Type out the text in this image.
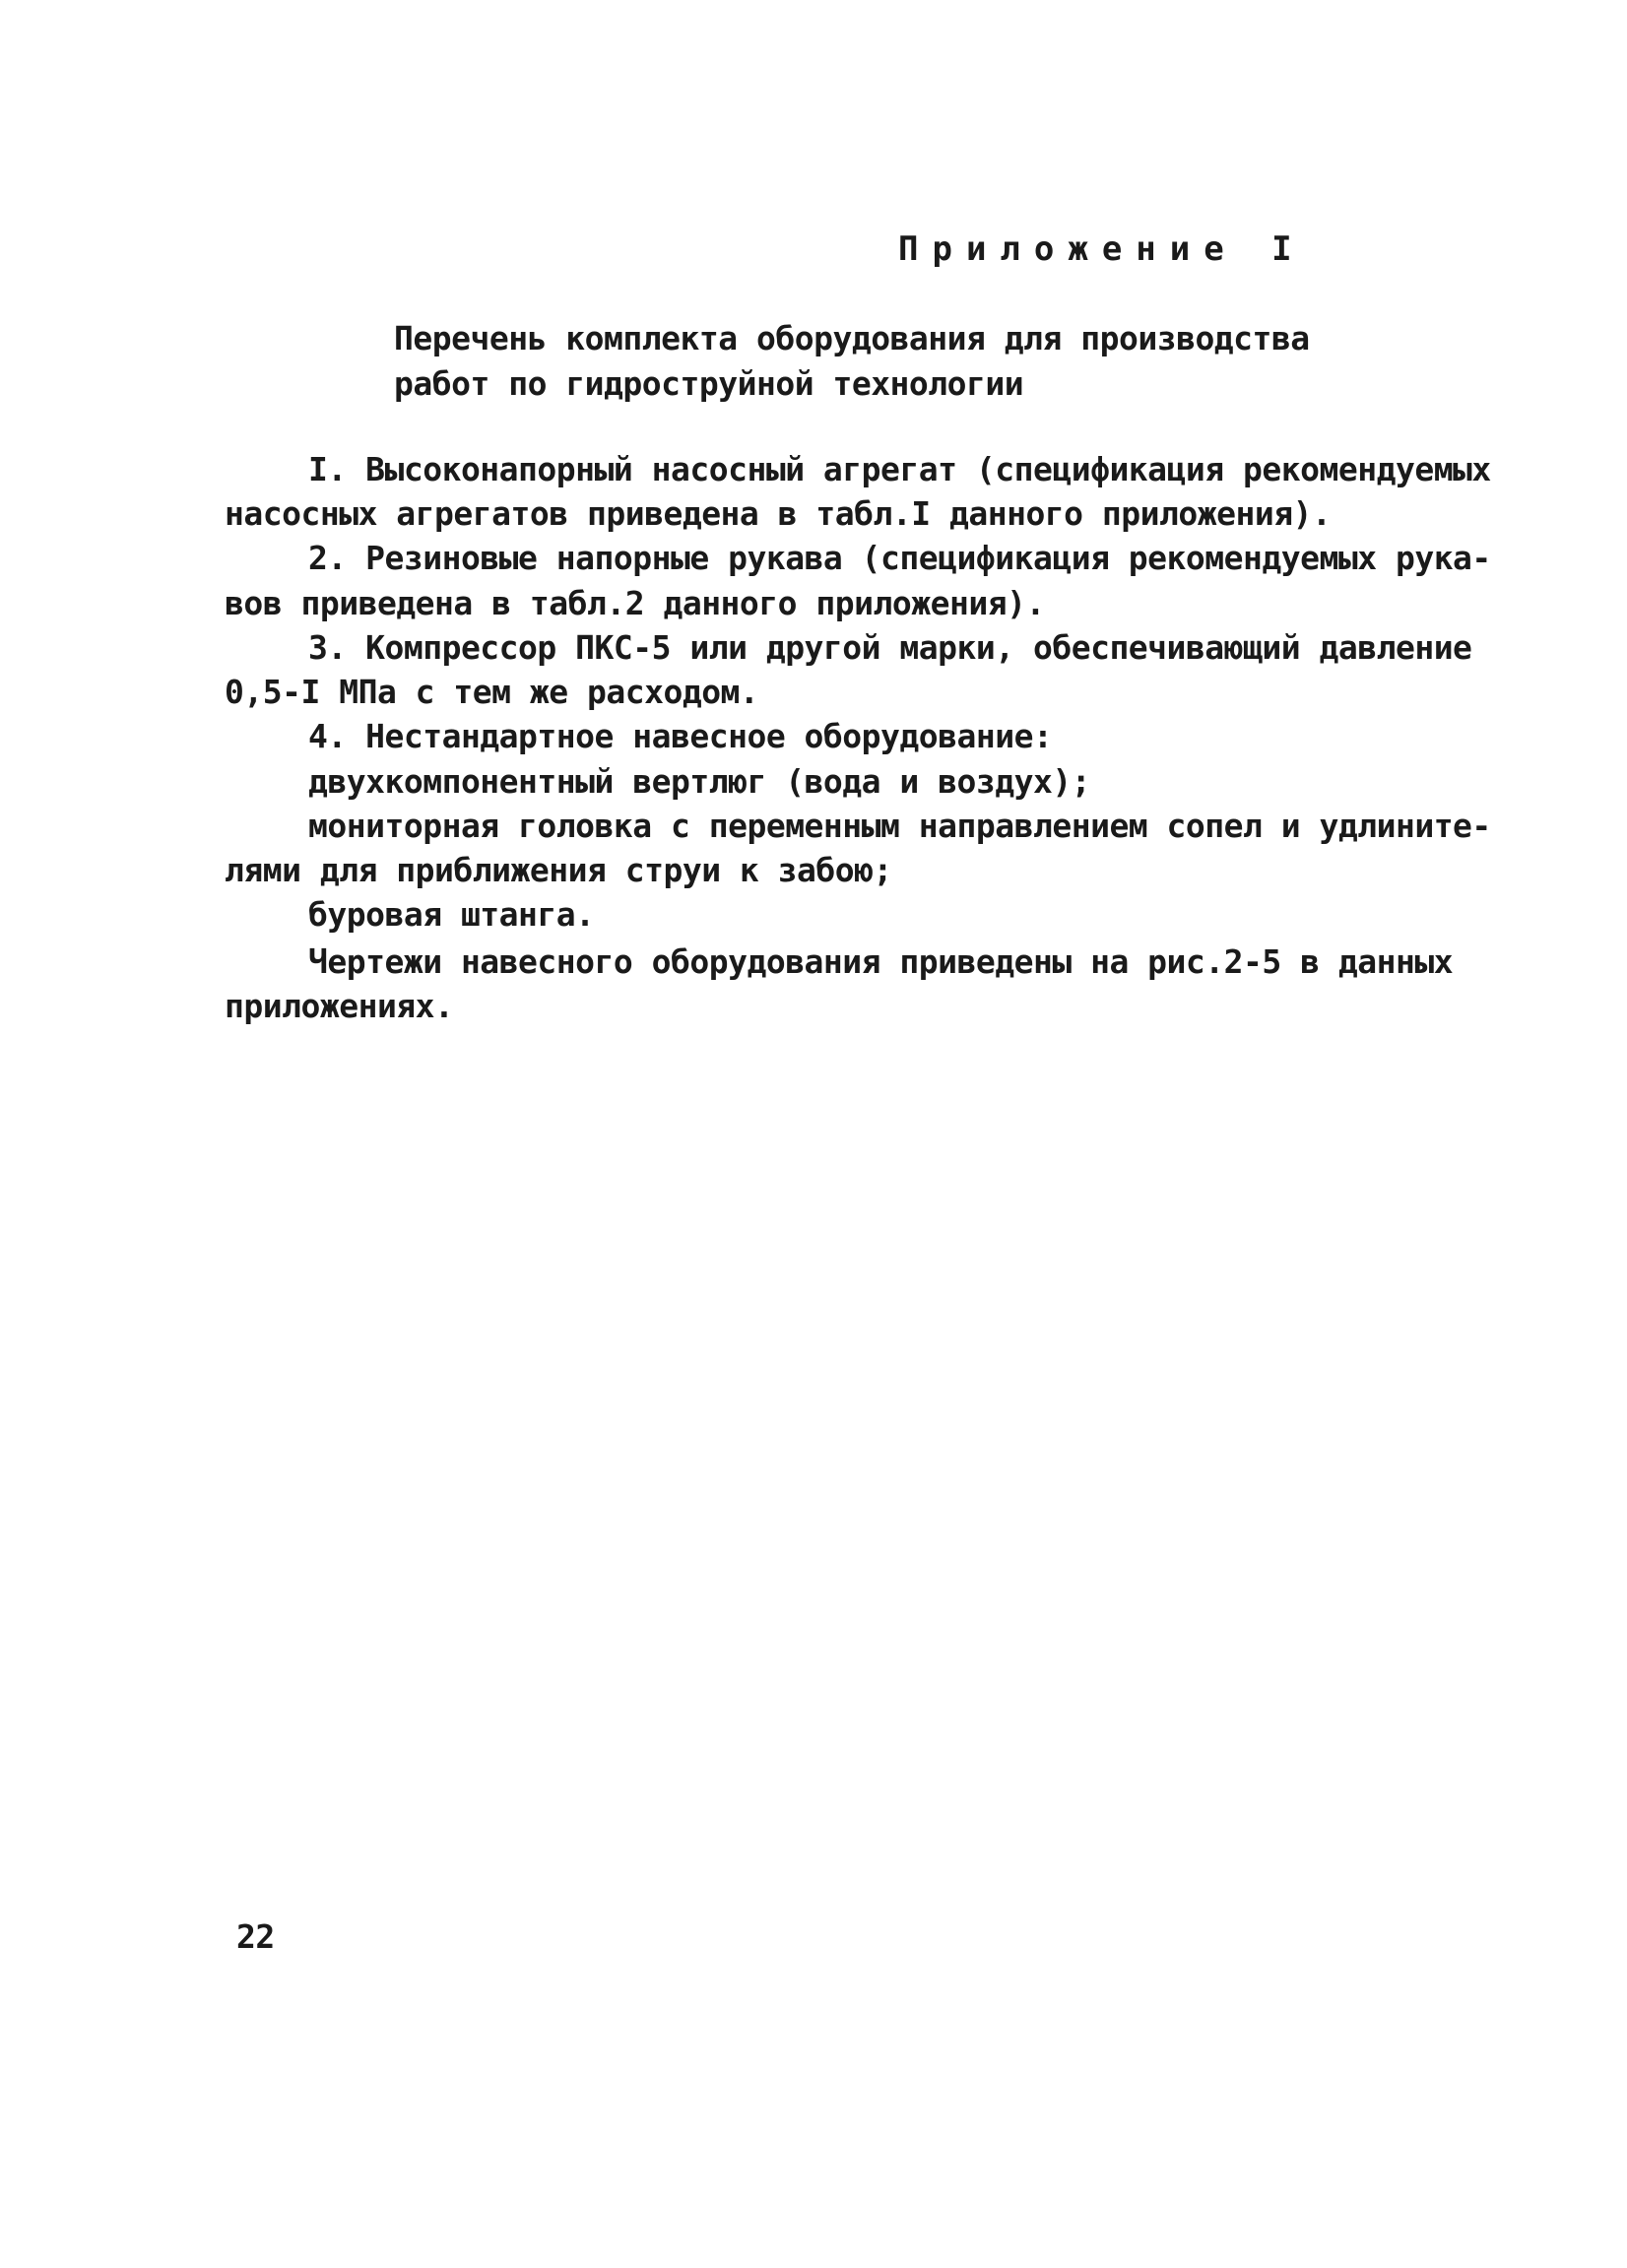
Приложение I
Перечень комплекта оборудования для производства
работ по гидроструйной технологии
I. Высоконапорный насосный агрегат (спецификация рекомендуемых
насосных агрегатов приведена в табл.I данного приложения).
2. Резиновые напорные рукава (спецификация рекомендуемых рука-
вов приведена в табл.2 данного приложения).
3. Компрессор ПКС-5 или другой марки, обеспечивающий давление
0,5-I МПа с тем же расходом.
4. Нестандартное навесное оборудование:
двухкомпонентный вертлюг (вода и воздух);
мониторная головка с переменным направлением сопел и удлините-
лями для приближения струи к забою;
буровая штанга.
Чертежи навесного оборудования приведены на рис.2-5 в данных
приложениях.
22
